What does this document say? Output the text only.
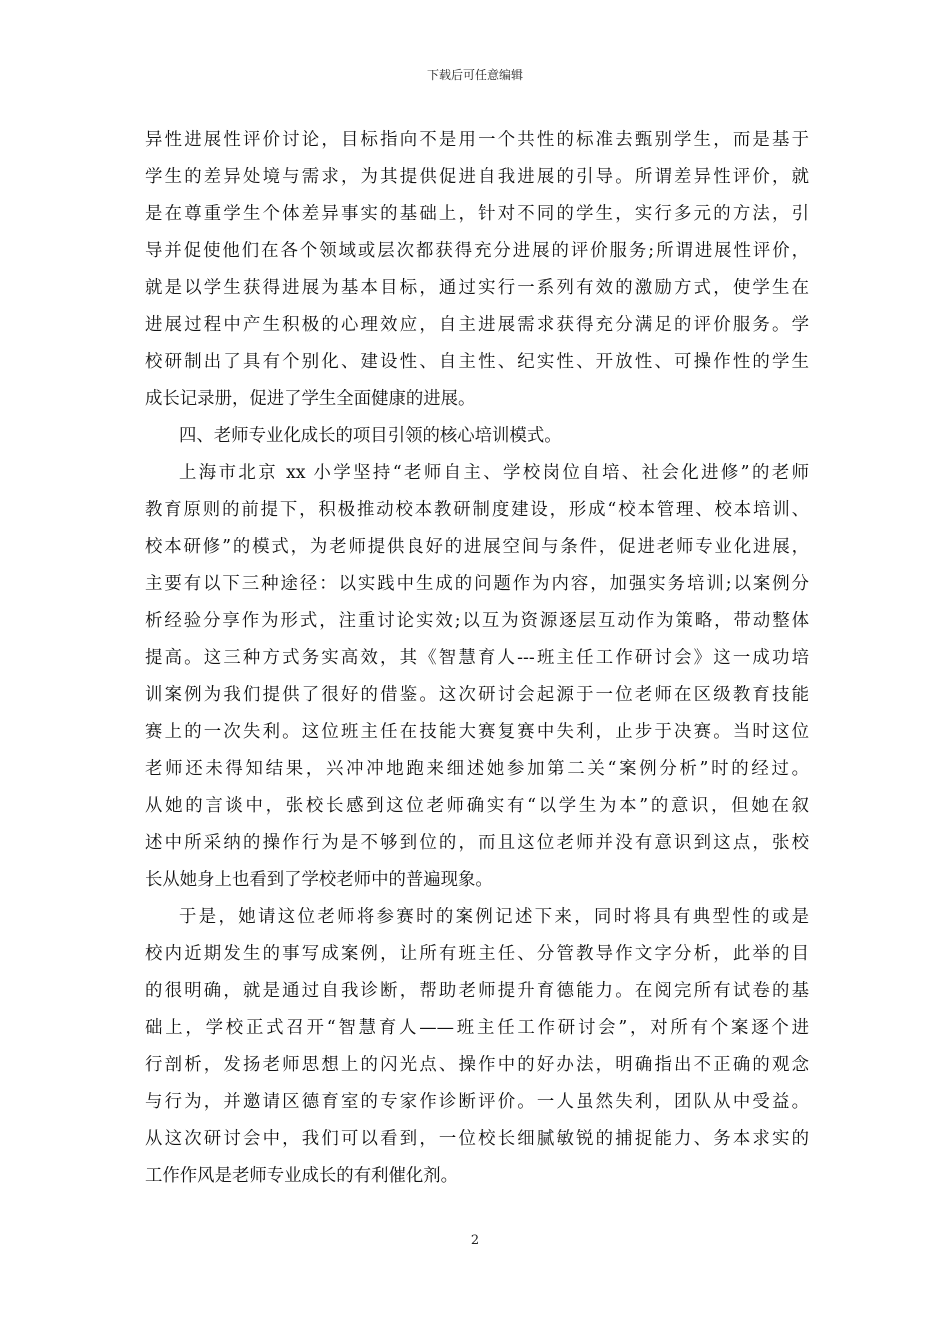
下载后可任意编辑
异性进展性评价讨论，目标指向不是用一个共性的标准去甄别学生，而是基于
学生的差异处境与需求，为其提供促进自我进展的引导。所谓差异性评价，就
是在尊重学生个体差异事实的基础上，针对不同的学生，实行多元的方法，引
导并促使他们在各个领域或层次都获得充分进展的评价服务;所谓进展性评价，
就是以学生获得进展为基本目标，通过实行一系列有效的激励方式，使学生在
进展过程中产生积极的心理效应，自主进展需求获得充分满足的评价服务。学
校研制出了具有个别化、建设性、自主性、纪实性、开放性、可操作性的学生
成长记录册，促进了学生全面健康的进展。
四、老师专业化成长的项目引领的核心培训模式。
上海市北京 xx 小学坚持“老师自主、学校岗位自培、社会化进修”的老师
教育原则的前提下，积极推动校本教研制度建设，形成“校本管理、校本培训、
校本研修”的模式，为老师提供良好的进展空间与条件，促进老师专业化进展，
主要有以下三种途径：以实践中生成的问题作为内容，加强实务培训;以案例分
析经验分享作为形式，注重讨论实效;以互为资源逐层互动作为策略，带动整体
提高。这三种方式务实高效，其《智慧育人---班主任工作研讨会》这一成功培
训案例为我们提供了很好的借鉴。这次研讨会起源于一位老师在区级教育技能
赛上的一次失利。这位班主任在技能大赛复赛中失利，止步于决赛。当时这位
老师还未得知结果，兴冲冲地跑来细述她参加第二关“案例分析”时的经过。
从她的言谈中，张校长感到这位老师确实有“以学生为本”的意识，但她在叙
述中所采纳的操作行为是不够到位的，而且这位老师并没有意识到这点，张校
长从她身上也看到了学校老师中的普遍现象。
于是，她请这位老师将参赛时的案例记述下来，同时将具有典型性的或是
校内近期发生的事写成案例，让所有班主任、分管教导作文字分析，此举的目
的很明确，就是通过自我诊断，帮助老师提升育德能力。在阅完所有试卷的基
础上，学校正式召开“智慧育人——班主任工作研讨会”，对所有个案逐个进
行剖析，发扬老师思想上的闪光点、操作中的好办法，明确指出不正确的观念
与行为，并邀请区德育室的专家作诊断评价。一人虽然失利，团队从中受益。
从这次研讨会中，我们可以看到，一位校长细腻敏锐的捕捉能力、务本求实的
工作作风是老师专业成长的有利催化剂。
2
